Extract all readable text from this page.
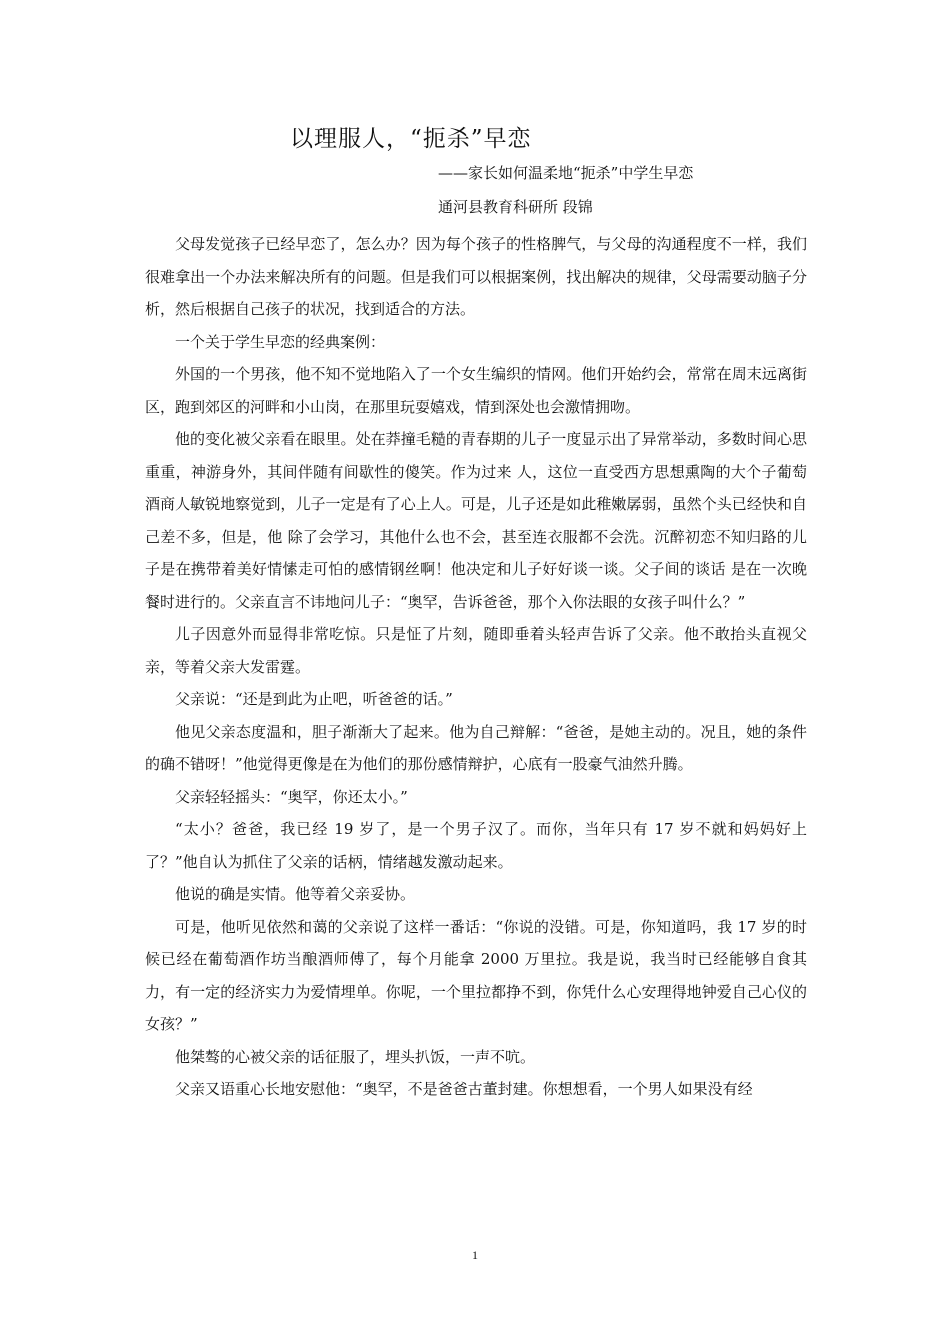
以理服人，“扼杀”早恋
——家长如何温柔地“扼杀”中学生早恋
通河县教育科研所 段锦

父母发觉孩子已经早恋了，怎么办？因为每个孩子的性格脾气，与父母的沟通程度不一样，我们很难拿出一个办法来解决所有的问题。但是我们可以根据案例，找出解决的规律，父母需要动脑子分析，然后根据自己孩子的状况，找到适合的方法。

一个关于学生早恋的经典案例：

外国的一个男孩，他不知不觉地陷入了一个女生编织的情网。他们开始约会，常常在周末远离街区，跑到郊区的河畔和小山岗，在那里玩耍嬉戏，情到深处也会激情拥吻。

他的变化被父亲看在眼里。处在莽撞毛糙的青春期的儿子一度显示出了异常举动，多数时间心思重重，神游身外，其间伴随有间歇性的傻笑。作为过来 人，这位一直受西方思想熏陶的大个子葡萄酒商人敏锐地察觉到，儿子一定是有了心上人。可是，儿子还是如此稚嫩孱弱，虽然个头已经快和自己差不多，但是，他 除了会学习，其他什么也不会，甚至连衣服都不会洗。沉醉初恋不知归路的儿子是在携带着美好情愫走可怕的感情钢丝啊！他决定和儿子好好谈一谈。父子间的谈话 是在一次晚餐时进行的。父亲直言不讳地问儿子：“奥罕，告诉爸爸，那个入你法眼的女孩子叫什么？”

儿子因意外而显得非常吃惊。只是怔了片刻，随即垂着头轻声告诉了父亲。他不敢抬头直视父亲，等着父亲大发雷霆。

父亲说：“还是到此为止吧，听爸爸的话。”

他见父亲态度温和，胆子渐渐大了起来。他为自己辩解：“爸爸，是她主动的。况且，她的条件的确不错呀！”他觉得更像是在为他们的那份感情辩护，心底有一股豪气油然升腾。

父亲轻轻摇头：“奥罕，你还太小。”

“太小？爸爸，我已经 19 岁了，是一个男子汉了。而你，当年只有 17 岁不就和妈妈好上了？”他自认为抓住了父亲的话柄，情绪越发激动起来。

他说的确是实情。他等着父亲妥协。

可是，他听见依然和蔼的父亲说了这样一番话：“你说的没错。可是，你知道吗，我 17 岁的时候已经在葡萄酒作坊当酿酒师傅了，每个月能拿 2000 万里拉。我是说，我当时已经能够自食其力，有一定的经济实力为爱情埋单。你呢，一个里拉都挣不到，你凭什么心安理得地钟爱自己心仪的女孩？”

他桀骜的心被父亲的话征服了，埋头扒饭，一声不吭。

父亲又语重心长地安慰他：“奥罕，不是爸爸古董封建。你想想看，一个男人如果没有经

1
